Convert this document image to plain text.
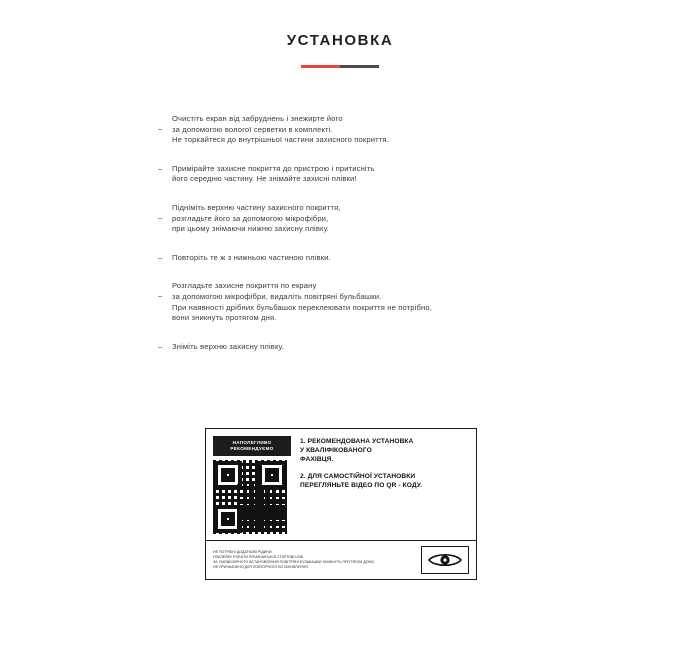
УСТАНОВКА
–
Очистіть екран від забруднень і знежирте його
за допомогою вологої серветки в комплекті.
Не торкайтеся до внутрішньої частини захисного покриття.
– Примірайте захисне покриття до пристрою і притисніть
його середню частину. Не знімайте захисні плівки!
–
Підніміть верхню частину захисного покриття,
розгладьте його за допомогою мікрофібри,
при цьому знімаючи нижню захисну плівку.
– Повторіть те ж з нижньою частиною плівки.
–
Розгладьте захисне покриття по екрану
за допомогою мікрофібри, видаліть повітряні бульбашки.
При наявності дрібних бульбашок переклеювати покриття не потрібно,
вони зникнуть протягом дня.
– Зніміть верхню захисну плівку.
НАПОЛЕГЛИВО РЕКОМЕНДУЄМО

1. РЕКОМЕНДОВАНА УСТАНОВКА
У КВАЛІФІКОВАНОГО
ФАХІВЦЯ.

2. ДЛЯ САМОСТІЙНОЇ УСТАНОВКИ
ПЕРЕГЛЯНЬТЕ ВІДЕО ПО QR - КОДУ.

НЕ ПОТРІБНІ ДОДАТКОВІ РІДИНИ.
ПОКЛЕЙКУ РОБИТИ ПОЧИНАЮЧИ В СТАРТОВІ LINE.
ЗА УМОВИ ВІРНОГО ВСТАНОВЛЕННЯ ПОВІТРЯНІ БУЛЬБАШКИ ЗНИКНУТЬ ПРОТЯГОМ ДОБИ.
НЕ ПРИЗНАЧЕНО ДЛЯ ПОВТОРНОГО ВСТАНОВЛЕННЯ.
